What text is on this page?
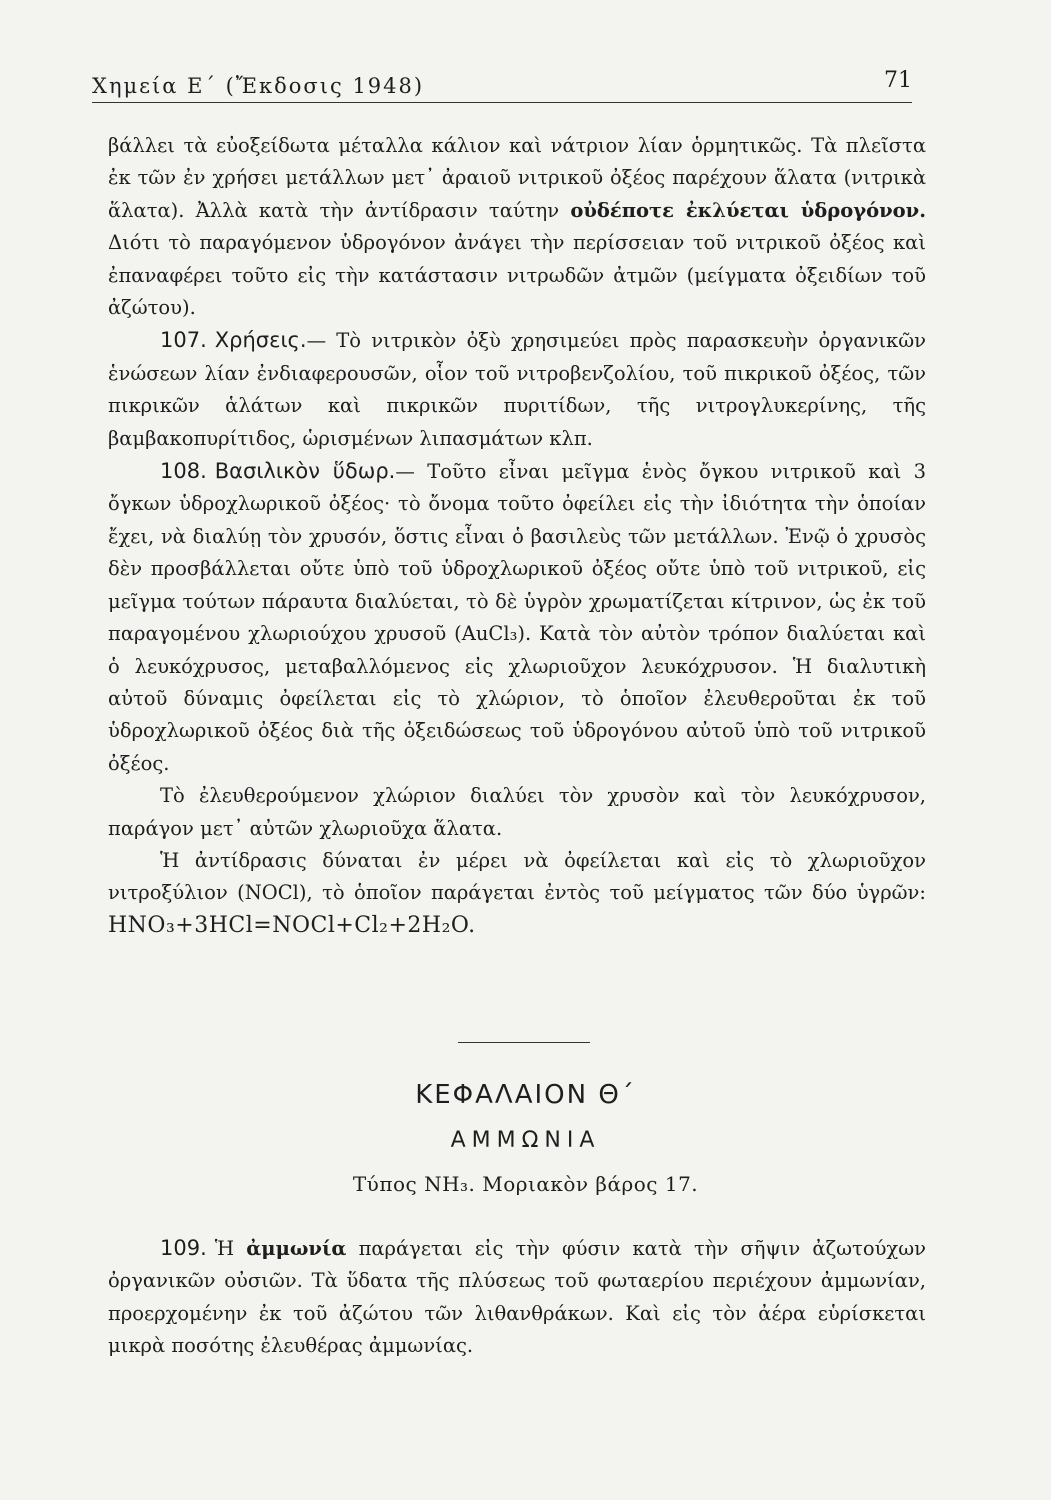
Χημεία Ε΄ (Ἔκδοσις 1948)	71

βάλλει τὰ εὐοξείδωτα μέταλλα κάλιον καὶ νάτριον λίαν ὁρμητικῶς. Τὰ πλεῖστα ἐκ τῶν ἐν χρήσει μετάλλων μετ᾽ ἀραιοῦ νιτρικοῦ ὀξέος παρέχουν ἅλατα (νιτρικὰ ἅλατα). Ἀλλὰ κατὰ τὴν ἀντίδρασιν ταύτην οὐδέποτε ἐκλύεται ὑδρογόνον. Διότι τὸ παραγόμενον ὑδρογόνον ἀνάγει τὴν περίσσειαν τοῦ νιτρικοῦ ὀξέος καὶ ἐπαναφέρει τοῦτο εἰς τὴν κατάστασιν νιτρωδῶν ἀτμῶν (μείγματα ὀξειδίων τοῦ ἀζώτου).

107. Χρήσεις.— Τὸ νιτρικὸν ὀξὺ χρησιμεύει πρὸς παρασκευὴν ὀργανικῶν ἑνώσεων λίαν ἐνδιαφερουσῶν, οἷον τοῦ νιτροβενζολίου, τοῦ πικρικοῦ ὀξέος, τῶν πικρικῶν ἁλάτων καὶ πικρικῶν πυριτίδων, τῆς νιτρογλυκερίνης, τῆς βαμβακοπυρίτιδος, ὡρισμένων λιπασμάτων κλπ.

108. Βασιλικὸν ὕδωρ.— Τοῦτο εἶναι μεῖγμα ἑνὸς ὄγκου νιτρικοῦ καὶ 3 ὄγκων ὑδροχλωρικοῦ ὀξέος· τὸ ὄνομα τοῦτο ὀφείλει εἰς τὴν ἰδιότητα τὴν ὁποίαν ἔχει, νὰ διαλύῃ τὸν χρυσόν, ὅστις εἶναι ὁ βασιλεὺς τῶν μετάλλων. Ἐνῷ ὁ χρυσὸς δὲν προσβάλλεται οὔτε ὑπὸ τοῦ ὑδροχλωρικοῦ ὀξέος οὔτε ὑπὸ τοῦ νιτρικοῦ, εἰς μεῖγμα τούτων πάραυτα διαλύεται, τὸ δὲ ὑγρὸν χρωματίζεται κίτρινον, ὡς ἐκ τοῦ παραγομένου χλωριούχου χρυσοῦ (AuCl₃). Κατὰ τὸν αὐτὸν τρόπον διαλύεται καὶ ὁ λευκόχρυσος, μεταβαλλόμενος εἰς χλωριοῦχον λευκόχρυσον. Ἡ διαλυτικὴ αὐτοῦ δύναμις ὀφείλεται εἰς τὸ χλώριον, τὸ ὁποῖον ἐλευθεροῦται ἐκ τοῦ ὑδροχλωρικοῦ ὀξέος διὰ τῆς ὀξειδώσεως τοῦ ὑδρογόνου αὐτοῦ ὑπὸ τοῦ νιτρικοῦ ὀξέος.

Τὸ ἐλευθερούμενον χλώριον διαλύει τὸν χρυσὸν καὶ τὸν λευκόχρυσον, παράγον μετ᾽ αὐτῶν χλωριοῦχα ἅλατα.

Ἡ ἀντίδρασις δύναται ἐν μέρει νὰ ὀφείλεται καὶ εἰς τὸ χλωριοῦχον νιτροξύλιον (NOCl), τὸ ὁποῖον παράγεται ἐντὸς τοῦ μείγματος τῶν δύο ὑγρῶν: HNO₃+3HCl=NOCl+Cl₂+2H₂O.

ΚΕΦΑΛΑΙΟΝ Θ΄
ΑΜΜΩΝΙΑ
Τύπος NH₃. Μοριακὸν βάρος 17.

109. Ἡ ἀμμωνία παράγεται εἰς τὴν φύσιν κατὰ τὴν σῆψιν ἀζωτούχων ὀργανικῶν οὐσιῶν. Τὰ ὕδατα τῆς πλύσεως τοῦ φωταερίου περιέχουν ἀμμωνίαν, προερχομένην ἐκ τοῦ ἀζώτου τῶν λιθανθράκων. Καὶ εἰς τὸν ἀέρα εὑρίσκεται μικρὰ ποσότης ἐλευθέρας ἀμμωνίας.
